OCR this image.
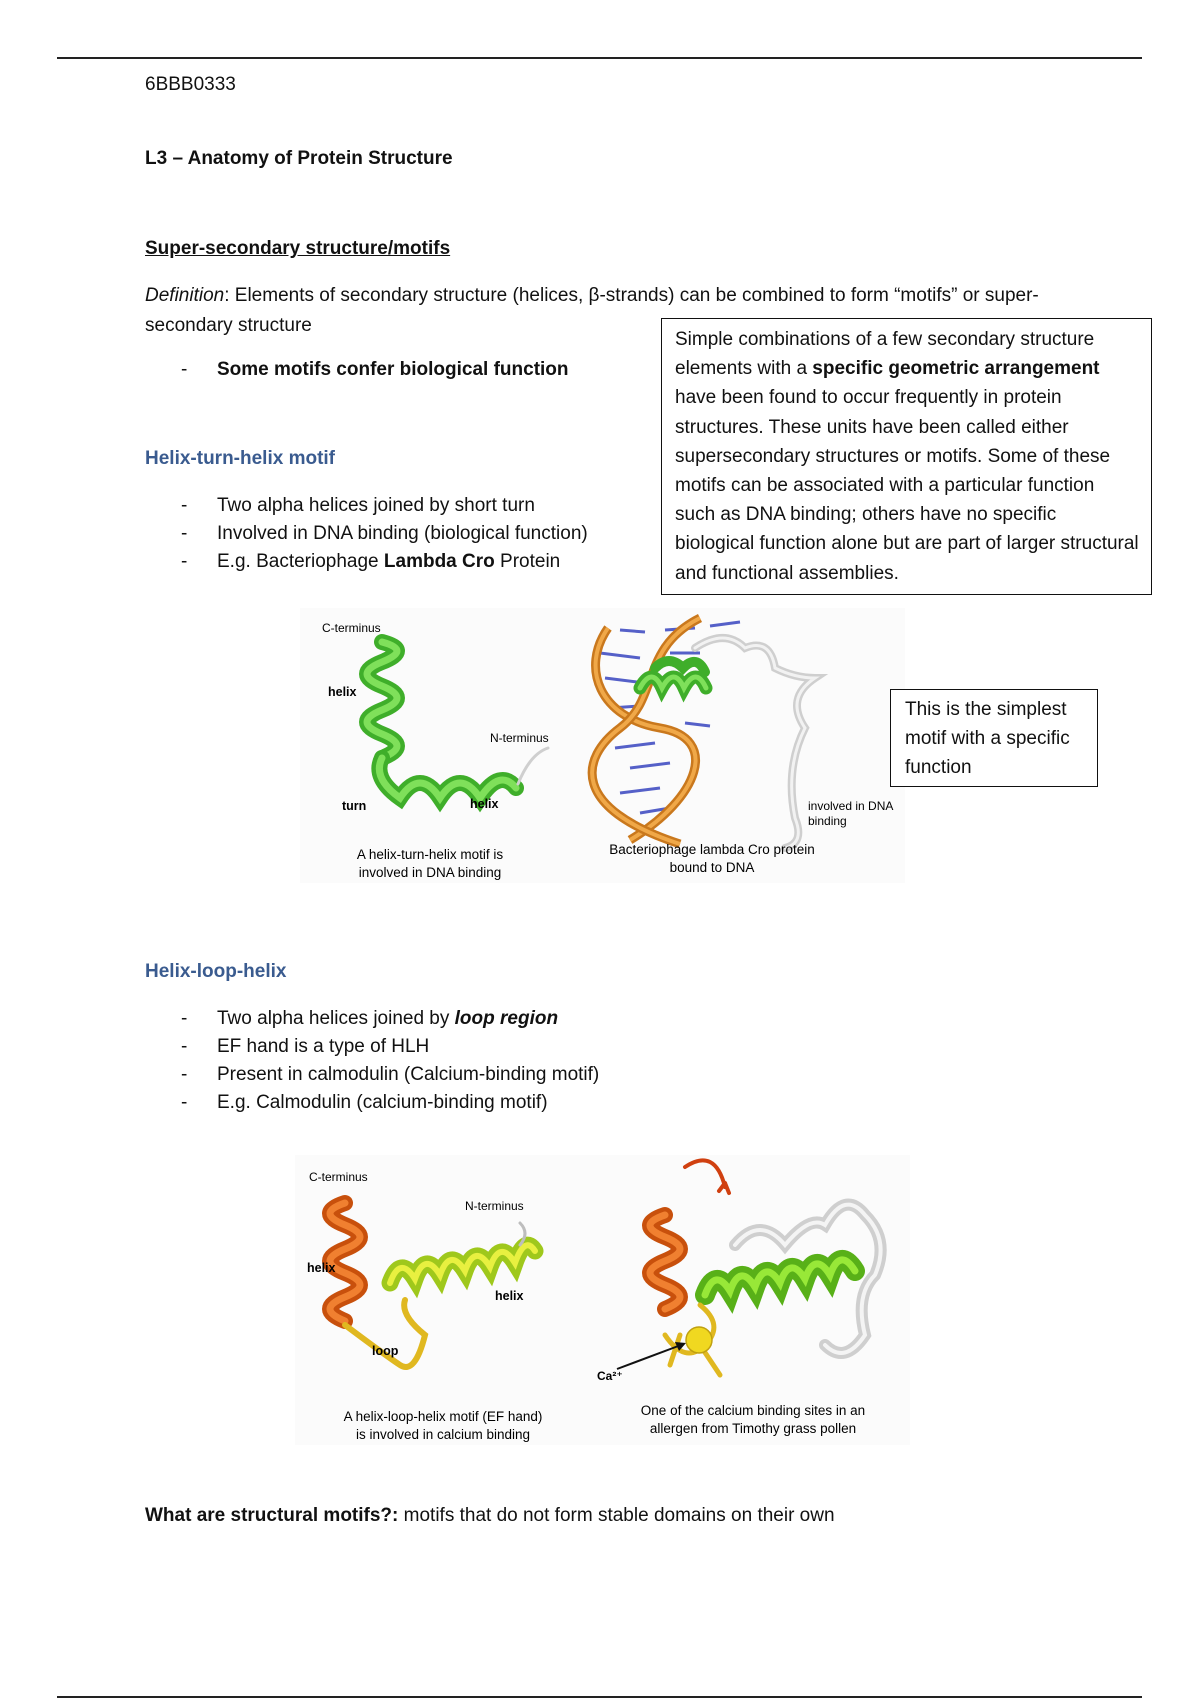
6BBB0333
L3 – Anatomy of Protein Structure
Super-secondary structure/motifs
Definition: Elements of secondary structure (helices, β-strands) can be combined to form “motifs” or super-secondary structure
- Some motifs confer biological function
Simple combinations of a few secondary structure elements with a specific geometric arrangement have been found to occur frequently in protein structures. These units have been called either supersecondary structures or motifs. Some of these motifs can be associated with a particular function such as DNA binding; others have no specific biological function alone but are part of larger structural and functional assemblies.
Helix-turn-helix motif
- Two alpha helices joined by short turn
- Involved in DNA binding (biological function)
- E.g. Bacteriophage Lambda Cro Protein
C-terminus
helix
N-terminus
turn	helix
A helix-turn-helix motif is
involved in DNA binding
involved in DNA
binding
Bacteriophage lambda Cro protein
bound to DNA
This is the simplest motif with a specific function
Helix-loop-helix
- Two alpha helices joined by loop region
- EF hand is a type of HLH
- Present in calmodulin (Calcium-binding motif)
- E.g. Calmodulin (calcium-binding motif)
C-terminus
N-terminus
helix
helix
loop
A helix-loop-helix motif (EF hand)
is involved in calcium binding
Ca²⁺
One of the calcium binding sites in an
allergen from Timothy grass pollen
What are structural motifs?: motifs that do not form stable domains on their own
